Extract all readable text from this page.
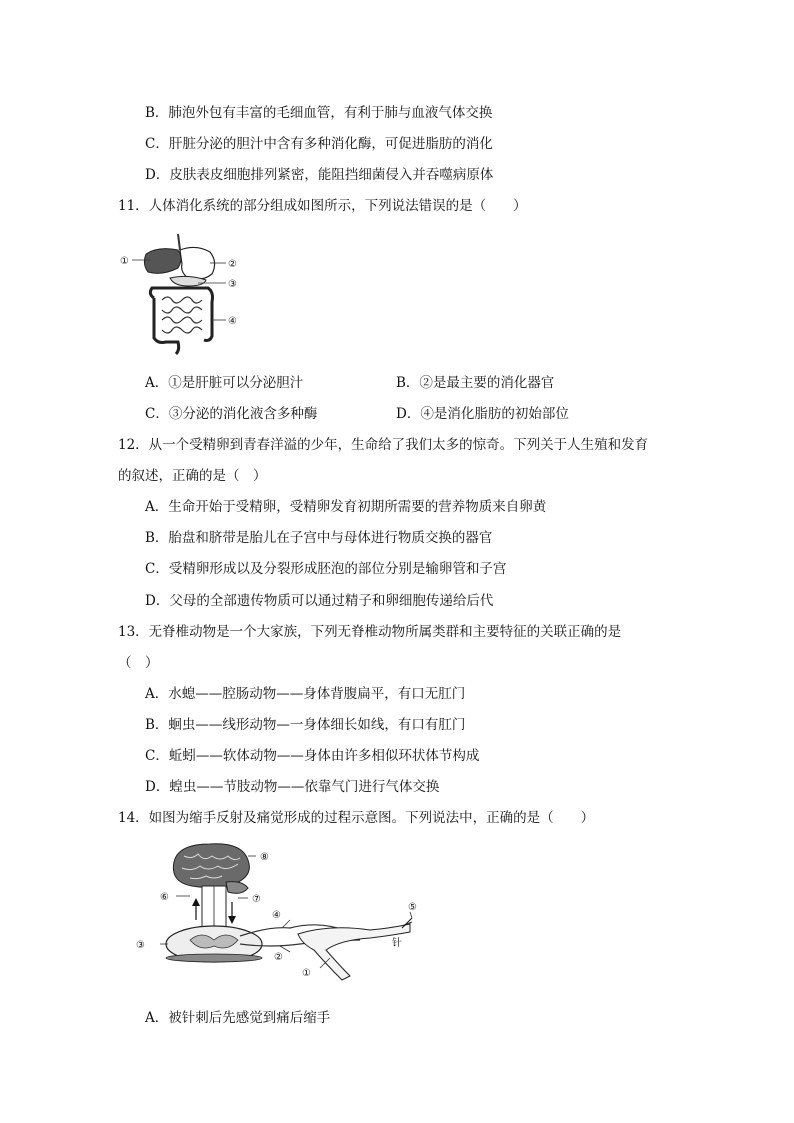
B．肺泡外包有丰富的毛细血管，有利于肺与血液气体交换
C．肝脏分泌的胆汁中含有多种消化酶，可促进脂肪的消化
D．皮肤表皮细胞排列紧密，能阻挡细菌侵入并吞噬病原体
11．人体消化系统的部分组成如图所示，下列说法错误的是（　　）
①	②
③
④
A．①是肝脏可以分泌胆汁	B．②是最主要的消化器官
C．③分泌的消化液含多种酶	D．④是消化脂肪的初始部位
12．从一个受精卵到青春洋溢的少年，生命给了我们太多的惊奇。下列关于人生殖和发育
的叙述，正确的是（　）
A．生命开始于受精卵，受精卵发育初期所需要的营养物质来自卵黄
B．胎盘和脐带是胎儿在子宫中与母体进行物质交换的器官
C．受精卵形成以及分裂形成胚泡的部位分别是输卵管和子宫
D．父母的全部遗传物质可以通过精子和卵细胞传递给后代
13．无脊椎动物是一个大家族，下列无脊椎动物所属类群和主要特征的关联正确的是
（　）
A．水螅——腔肠动物——身体背腹扁平，有口无肛门
B．蛔虫——线形动物—一身体细长如线，有口有肛门
C．蚯蚓——软体动物——身体由许多相似环状体节构成
D．蝗虫——节肢动物——依靠气门进行气体交换
14．如图为缩手反射及痛觉形成的过程示意图。下列说法中，正确的是（　　）
③
⑥	⑦
⑧
④
②
①
⑤
针
A．被针刺后先感觉到痛后缩手
